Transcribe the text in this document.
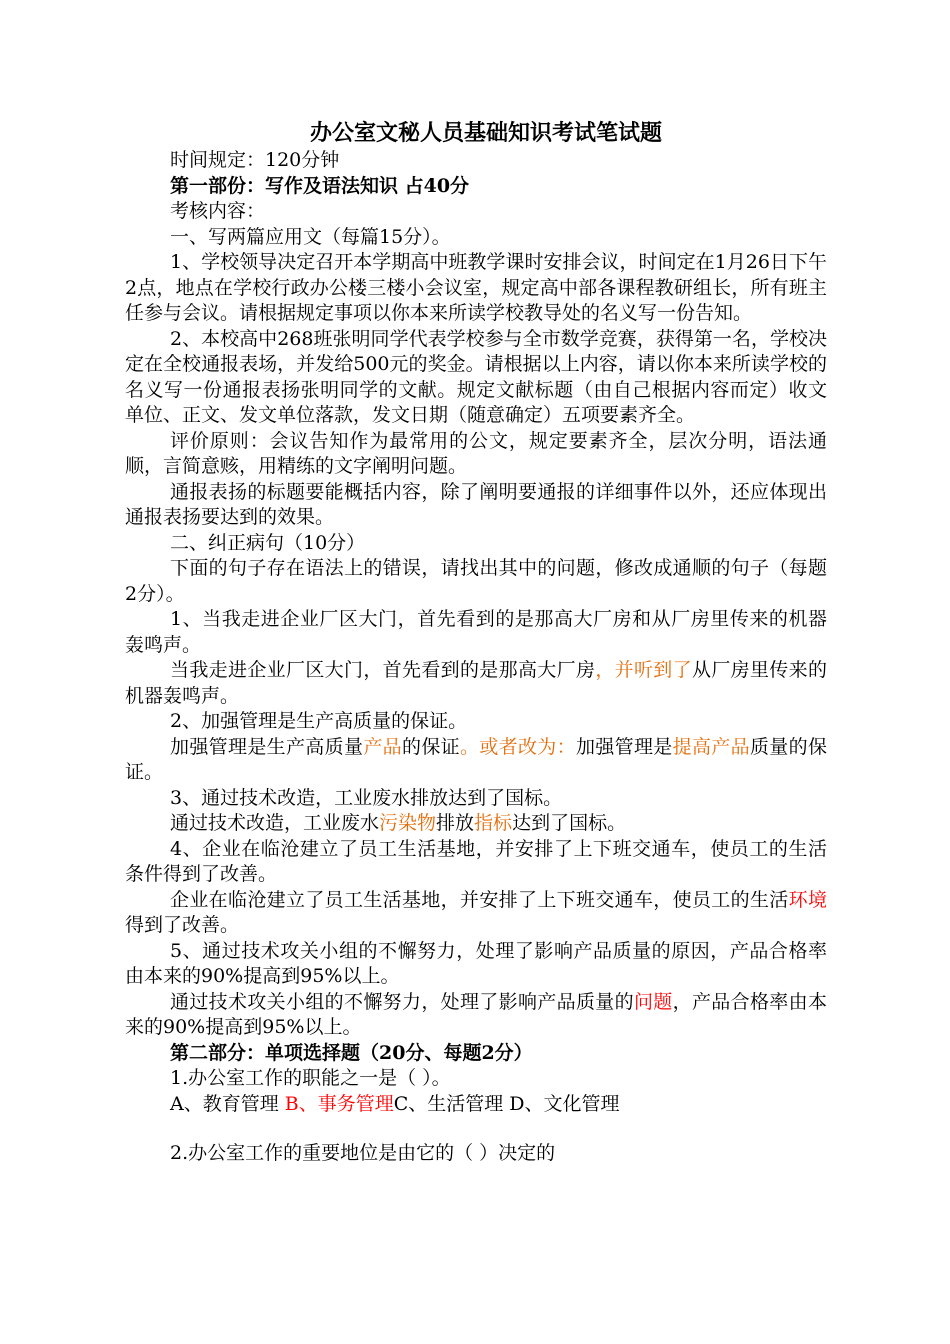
办公室文秘人员基础知识考试笔试题

时间规定：120分钟

第一部份：写作及语法知识 占40分

考核内容：

一、写两篇应用文（每篇15分）。

1、学校领导决定召开本学期高中班教学课时安排会议，时间定在1月26日下午2点，地点在学校行政办公楼三楼小会议室，规定高中部各课程教研组长，所有班主任参与会议。请根据规定事项以你本来所读学校教导处的名义写一份告知。

2、本校高中268班张明同学代表学校参与全市数学竞赛，获得第一名，学校决定在全校通报表场，并发给500元的奖金。请根据以上内容，请以你本来所读学校的名义写一份通报表扬张明同学的文献。规定文献标题（由自己根据内容而定）收文单位、正文、发文单位落款，发文日期（随意确定）五项要素齐全。

评价原则：会议告知作为最常用的公文，规定要素齐全，层次分明，语法通顺，言简意赅，用精练的文字阐明问题。

通报表扬的标题要能概括内容，除了阐明要通报的详细事件以外，还应体现出通报表扬要达到的效果。

二、纠正病句（10分）

下面的句子存在语法上的错误，请找出其中的问题，修改成通顺的句子（每题2分）。

1、当我走进企业厂区大门，首先看到的是那高大厂房和从厂房里传来的机器轰鸣声。

当我走进企业厂区大门，首先看到的是那高大厂房，并听到了从厂房里传来的机器轰鸣声。

2、加强管理是生产高质量的保证。

加强管理是生产高质量产品的保证。或者改为：加强管理是提高产品质量的保证。

3、通过技术改造，工业废水排放达到了国标。

通过技术改造，工业废水污染物排放指标达到了国标。

4、企业在临沧建立了员工生活基地，并安排了上下班交通车，使员工的生活条件得到了改善。

企业在临沧建立了员工生活基地，并安排了上下班交通车，使员工的生活环境得到了改善。

5、通过技术攻关小组的不懈努力，处理了影响产品质量的原因，产品合格率由本来的90%提高到95%以上。

通过技术攻关小组的不懈努力，处理了影响产品质量的问题，产品合格率由本来的90%提高到95%以上。

第二部分：单项选择题（20分、每题2分）

1.办公室工作的职能之一是（ ）。

A、教育管理 B、事务管理C、生活管理 D、文化管理

2.办公室工作的重要地位是由它的（ ）决定的
